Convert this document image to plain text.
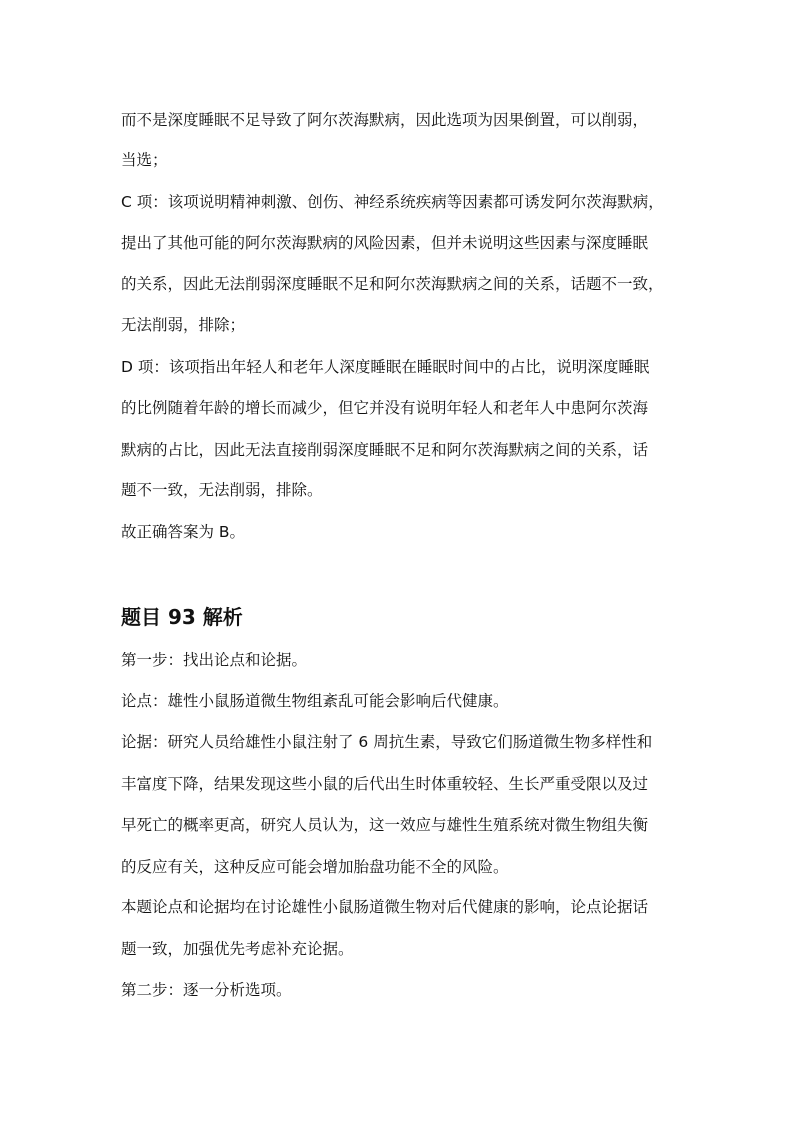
而不是深度睡眠不足导致了阿尔茨海默病，因此选项为因果倒置，可以削弱，

当选；

C 项：该项说明精神刺激、创伤、神经系统疾病等因素都可诱发阿尔茨海默病，

提出了其他可能的阿尔茨海默病的风险因素，但并未说明这些因素与深度睡眠

的关系，因此无法削弱深度睡眠不足和阿尔茨海默病之间的关系，话题不一致，

无法削弱，排除；

D 项：该项指出年轻人和老年人深度睡眠在睡眠时间中的占比，说明深度睡眠

的比例随着年龄的增长而减少，但它并没有说明年轻人和老年人中患阿尔茨海

默病的占比，因此无法直接削弱深度睡眠不足和阿尔茨海默病之间的关系，话

题不一致，无法削弱，排除。

故正确答案为 B。

题目 93 解析

第一步：找出论点和论据。

论点：雄性小鼠肠道微生物组紊乱可能会影响后代健康。

论据：研究人员给雄性小鼠注射了 6 周抗生素，导致它们肠道微生物多样性和

丰富度下降，结果发现这些小鼠的后代出生时体重较轻、生长严重受限以及过

早死亡的概率更高，研究人员认为，这一效应与雄性生殖系统对微生物组失衡

的反应有关，这种反应可能会增加胎盘功能不全的风险。

本题论点和论据均在讨论雄性小鼠肠道微生物对后代健康的影响，论点论据话

题一致，加强优先考虑补充论据。

第二步：逐一分析选项。
